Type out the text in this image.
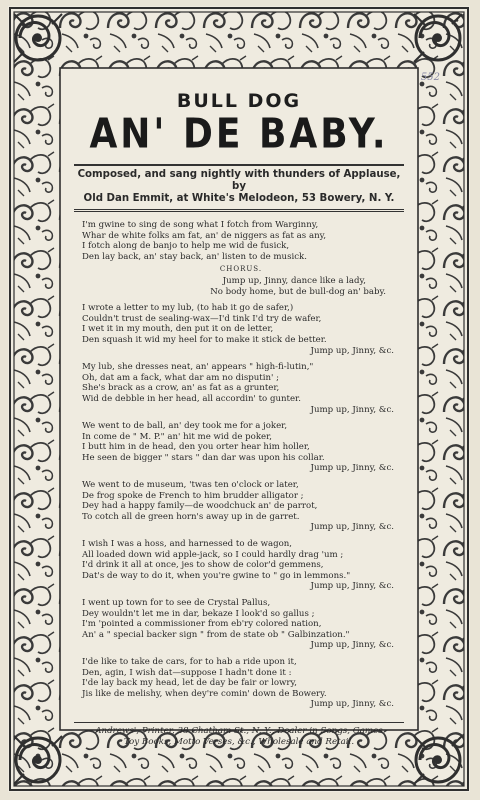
552
BULL DOG
AN' DE BABY.
Composed, and sang nightly with thunders of Applause, by
Old Dan Emmit, at White's Melodeon, 53 Bowery, N. Y.
I'm gwine to sing de song what I fotch from Warginny,
Whar de white folks am fat, an' de niggers as fat as any,
I fotch along de banjo to help me wid de fusick,
Den lay back, an' stay back, an' listen to de musick.
CHORUS.
Jump up, Jinny, dance like a lady,
No body home, but de bull-dog an' baby.
I wrote a letter to my lub, (to hab it go de safer,)
Couldn't trust de sealing-wax—I'd tink I'd try de wafer,
I wet it in my mouth, den put it on de letter,
Den squash it wid my heel for to make it stick de better.
Jump up, Jinny, &c.
My lub, she dresses neat, an' appears " high-fi-lutin,"
Oh, dat am a fack, what dar am no disputin' ;
She's brack as a crow, an' as fat as a grunter,
Wid de debble in her head, all accordin' to gunter.
Jump up, Jinny, &c.
We went to de ball, an' dey took me for a joker,
In come de " M. P." an' hit me wid de poker,
I butt him in de head, den you orter hear him holler,
He seen de bigger " stars " dan dar was upon his collar.
Jump up, Jinny, &c.
We went to de museum, 'twas ten o'clock or later,
De frog spoke de French to him brudder alligator ;
Dey had a happy family—de woodchuck an' de parrot,
To cotch all de green horn's away up in de garret.
Jump up, Jinny, &c.
I wish I was a hoss, and harnessed to de wagon,
All loaded down wid apple-jack, so I could hardly drag 'um ;
I'd drink it all at once, jes to show de color'd gemmens,
Dat's de way to do it, when you're gwine to " go in lemmons."
Jump up, Jinny, &c.
I went up town for to see de Crystal Pallus,
Dey wouldn't let me in dar, bekaze I look'd so gallus ;
I'm 'pointed a commissioner from eb'ry colored nation,
An' a " special backer sign " from de state ob " Galbinzation."
Jump up, Jinny, &c.
I'de like to take de cars, for to hab a ride upon it,
Den, agin, I wish dat—suppose I hadn't done it :
I'de lay back my head, let de day be fair or lowry,
Jis like de melishy, when dey're comin' down de Bowery.
Jump up, Jinny, &c.
Andrews', Printer, 38 Chatham St., N. Y., Dealer in Songs, Games
Toy Books, Motto Verses, &c., Wholesale and Retail.
